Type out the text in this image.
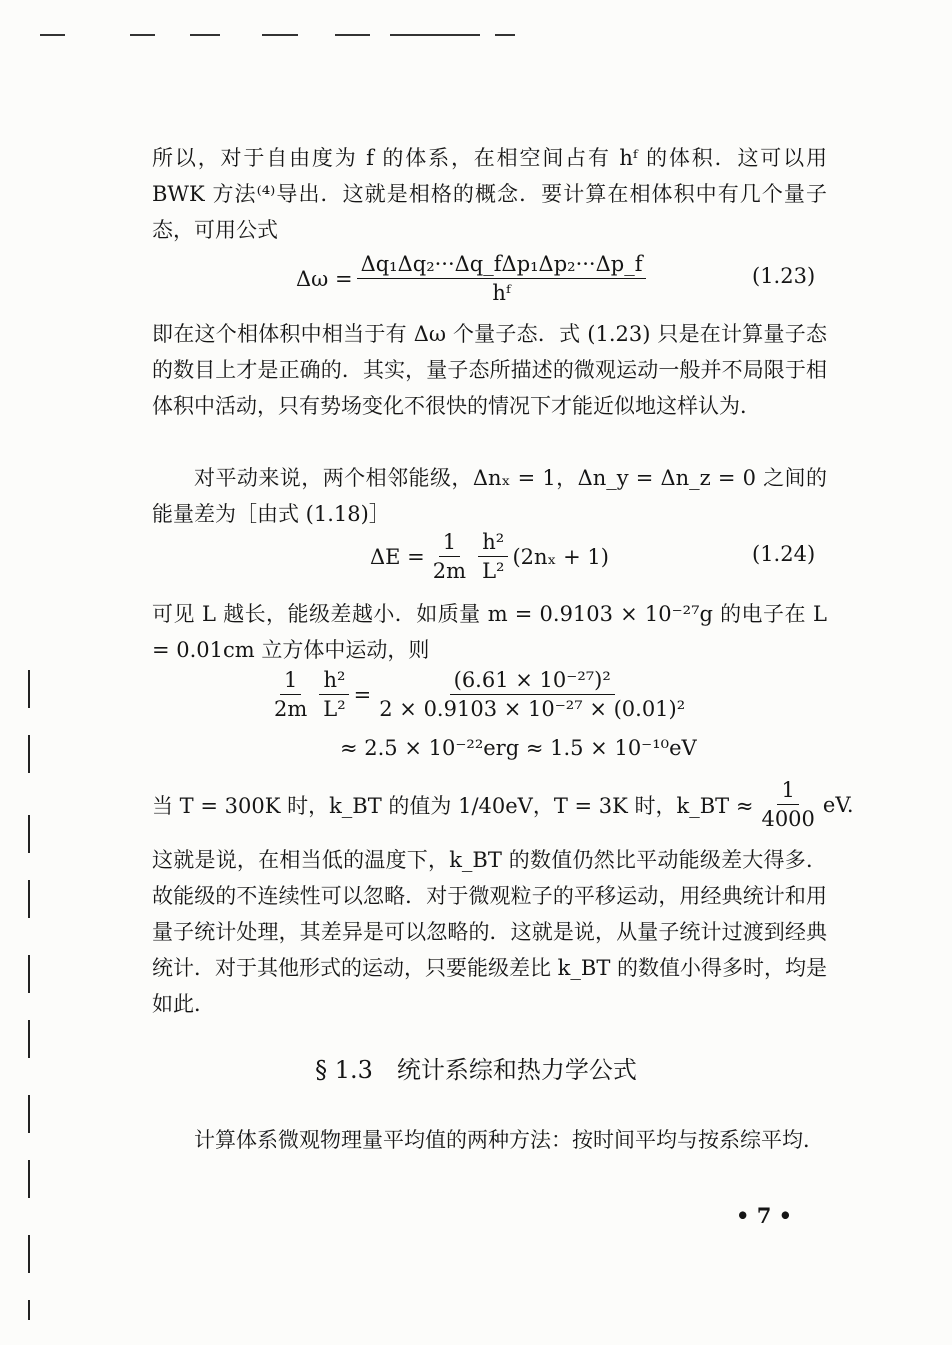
所以，对于自由度为 f 的体系，在相空间占有 hᶠ 的体积．这可以用 BWK 方法⁽⁴⁾导出．这就是相格的概念．要计算在相体积中有几个量子态，可用公式

$\Delta\omega = \frac{\text{Δq₁Δq₂···Δq\_fΔp₁Δp₂···Δp\_f}}{\text{hᶠ}}$	(1.23)

即在这个相体积中相当于有 Δω 个量子态．式 (1.23) 只是在计算量子态的数目上才是正确的．其实，量子态所描述的微观运动一般并不局限于相体积中活动，只有势场变化不很快的情况下才能近似地这样认为．

对平动来说，两个相邻能级，Δnₓ = 1，Δn_y = Δn_z = 0 之间的能量差为［由式 (1.18)］

$\Delta E = \frac{1}{2m} \frac{\text{h²}}{\text{L²}} (2n_x + 1)$	(1.24)

可见 L 越长，能级差越小．如质量 m = 0.9103 × 10⁻²⁷g 的电子在 L = 0.01cm 立方体中运动，则

$\frac{1}{2m} \frac{\text{h²}}{\text{L²}} = \frac{\text{(6.61 × 10⁻²⁷)²}}{\text{2 × 0.9103 × 10⁻²⁷ × (0.01)²}}$
≈ 2.5 × 10⁻²²erg ≈ 1.5 × 10⁻¹⁰eV
当 T = 300K 时，k_BT 的值为 1/40eV，T = 3K 时，k_BT ≈ $\frac{1}{4000}$ eV.

这就是说，在相当低的温度下，k_BT 的数值仍然比平动能级差大得多．故能级的不连续性可以忽略．对于微观粒子的平移运动，用经典统计和用量子统计处理，其差异是可以忽略的．这就是说，从量子统计过渡到经典统计．对于其他形式的运动，只要能级差比 k_BT 的数值小得多时，均是如此．

§ 1.3　统计系综和热力学公式

计算体系微观物理量平均值的两种方法：按时间平均与按系综平均．

• 7 •
